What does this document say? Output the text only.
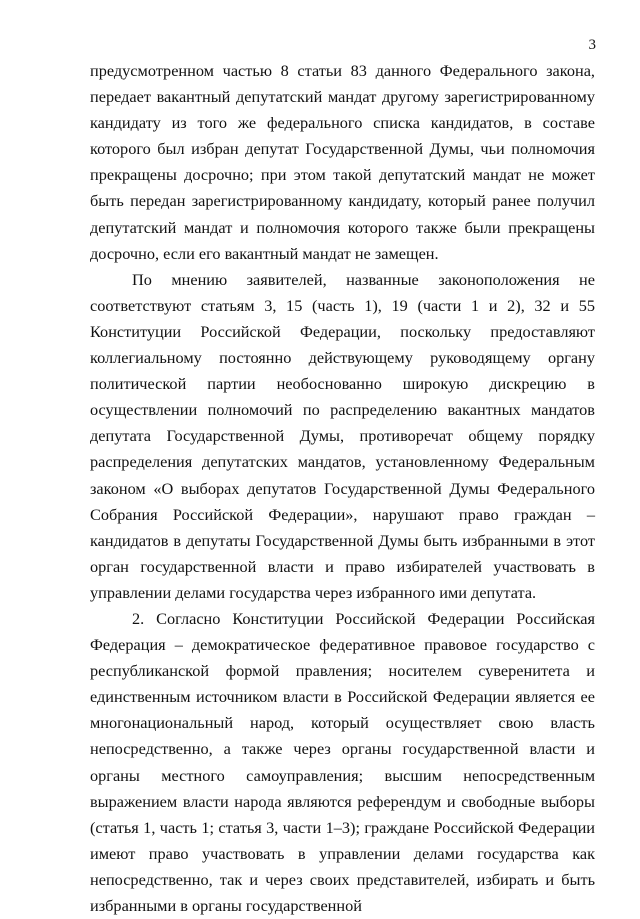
3

предусмотренном частью 8 статьи 83 данного Федерального закона, передает вакантный депутатский мандат другому зарегистрированному кандидату из того же федерального списка кандидатов, в составе которого был избран депутат Государственной Думы, чьи полномочия прекращены досрочно; при этом такой депутатский мандат не может быть передан зарегистрированному кандидату, который ранее получил депутатский мандат и полномочия которого также были прекращены досрочно, если его вакантный мандат не замещен.

По мнению заявителей, названные законоположения не соответствуют статьям 3, 15 (часть 1), 19 (части 1 и 2), 32 и 55 Конституции Российской Федерации, поскольку предоставляют коллегиальному постоянно действующему руководящему органу политической партии необоснованно широкую дискрецию в осуществлении полномочий по распределению вакантных мандатов депутата Государственной Думы, противоречат общему порядку распределения депутатских мандатов, установленному Федеральным законом «О выборах депутатов Государственной Думы Федерального Собрания Российской Федерации», нарушают право граждан – кандидатов в депутаты Государственной Думы быть избранными в этот орган государственной власти и право избирателей участвовать в управлении делами государства через избранного ими депутата.

2. Согласно Конституции Российской Федерации Российская Федерация – демократическое федеративное правовое государство с республиканской формой правления; носителем суверенитета и единственным источником власти в Российской Федерации является ее многонациональный народ, который осуществляет свою власть непосредственно, а также через органы государственной власти и органы местного самоуправления; высшим непосредственным выражением власти народа являются референдум и свободные выборы (статья 1, часть 1; статья 3, части 1–3); граждане Российской Федерации имеют право участвовать в управлении делами государства как непосредственно, так и через своих представителей, избирать и быть избранными в органы государственной
